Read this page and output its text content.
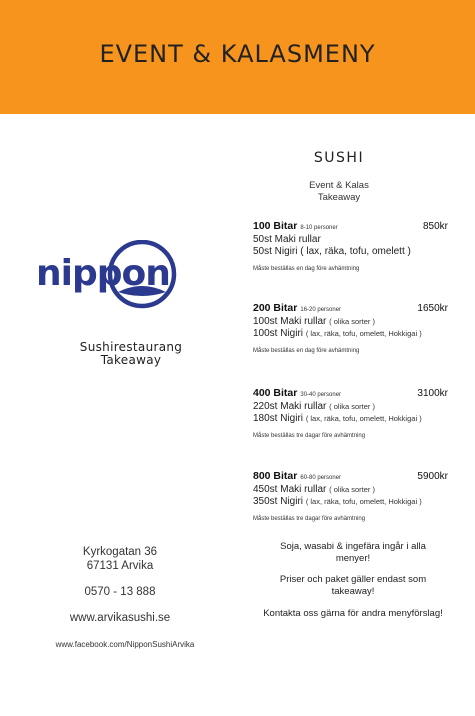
EVENT & KALASMENY
nippon
Sushirestaurang
Takeaway
Kyrkogatan 36
67131 Arvika
0570 - 13 888
www.arvikasushi.se
www.facebook.com/NipponSushiArvika
SUSHI
Event & Kalas
Takeaway
100 Bitar 8-10 personer	850kr
50st Maki rullar
50st Nigiri ( lax, räka, tofu, omelett )
Måste beställas en dag före avhämtning
200 Bitar 16-20 personer	1650kr
100st Maki rullar ( olika sorter )
100st Nigiri ( lax, räka, tofu, omelett, Hokkigai )
Måste beställas en dag före avhämtning
400 Bitar 30-40 personer	3100kr
220st Maki rullar ( olika sorter )
180st Nigiri ( lax, räka, tofu, omelett, Hokkigai )
Måste beställas tre dagar före avhämtning
800 Bitar 60-80 personer	5900kr
450st Maki rullar ( olika sorter )
350st Nigiri ( lax, räka, tofu, omelett, Hokkigai )
Måste beställas tre dagar före avhämtning
Soja, wasabi & ingefära ingår i alla menyer!
Priser och paket gäller endast som takeaway!
Kontakta oss gärna för andra menyförslag!
